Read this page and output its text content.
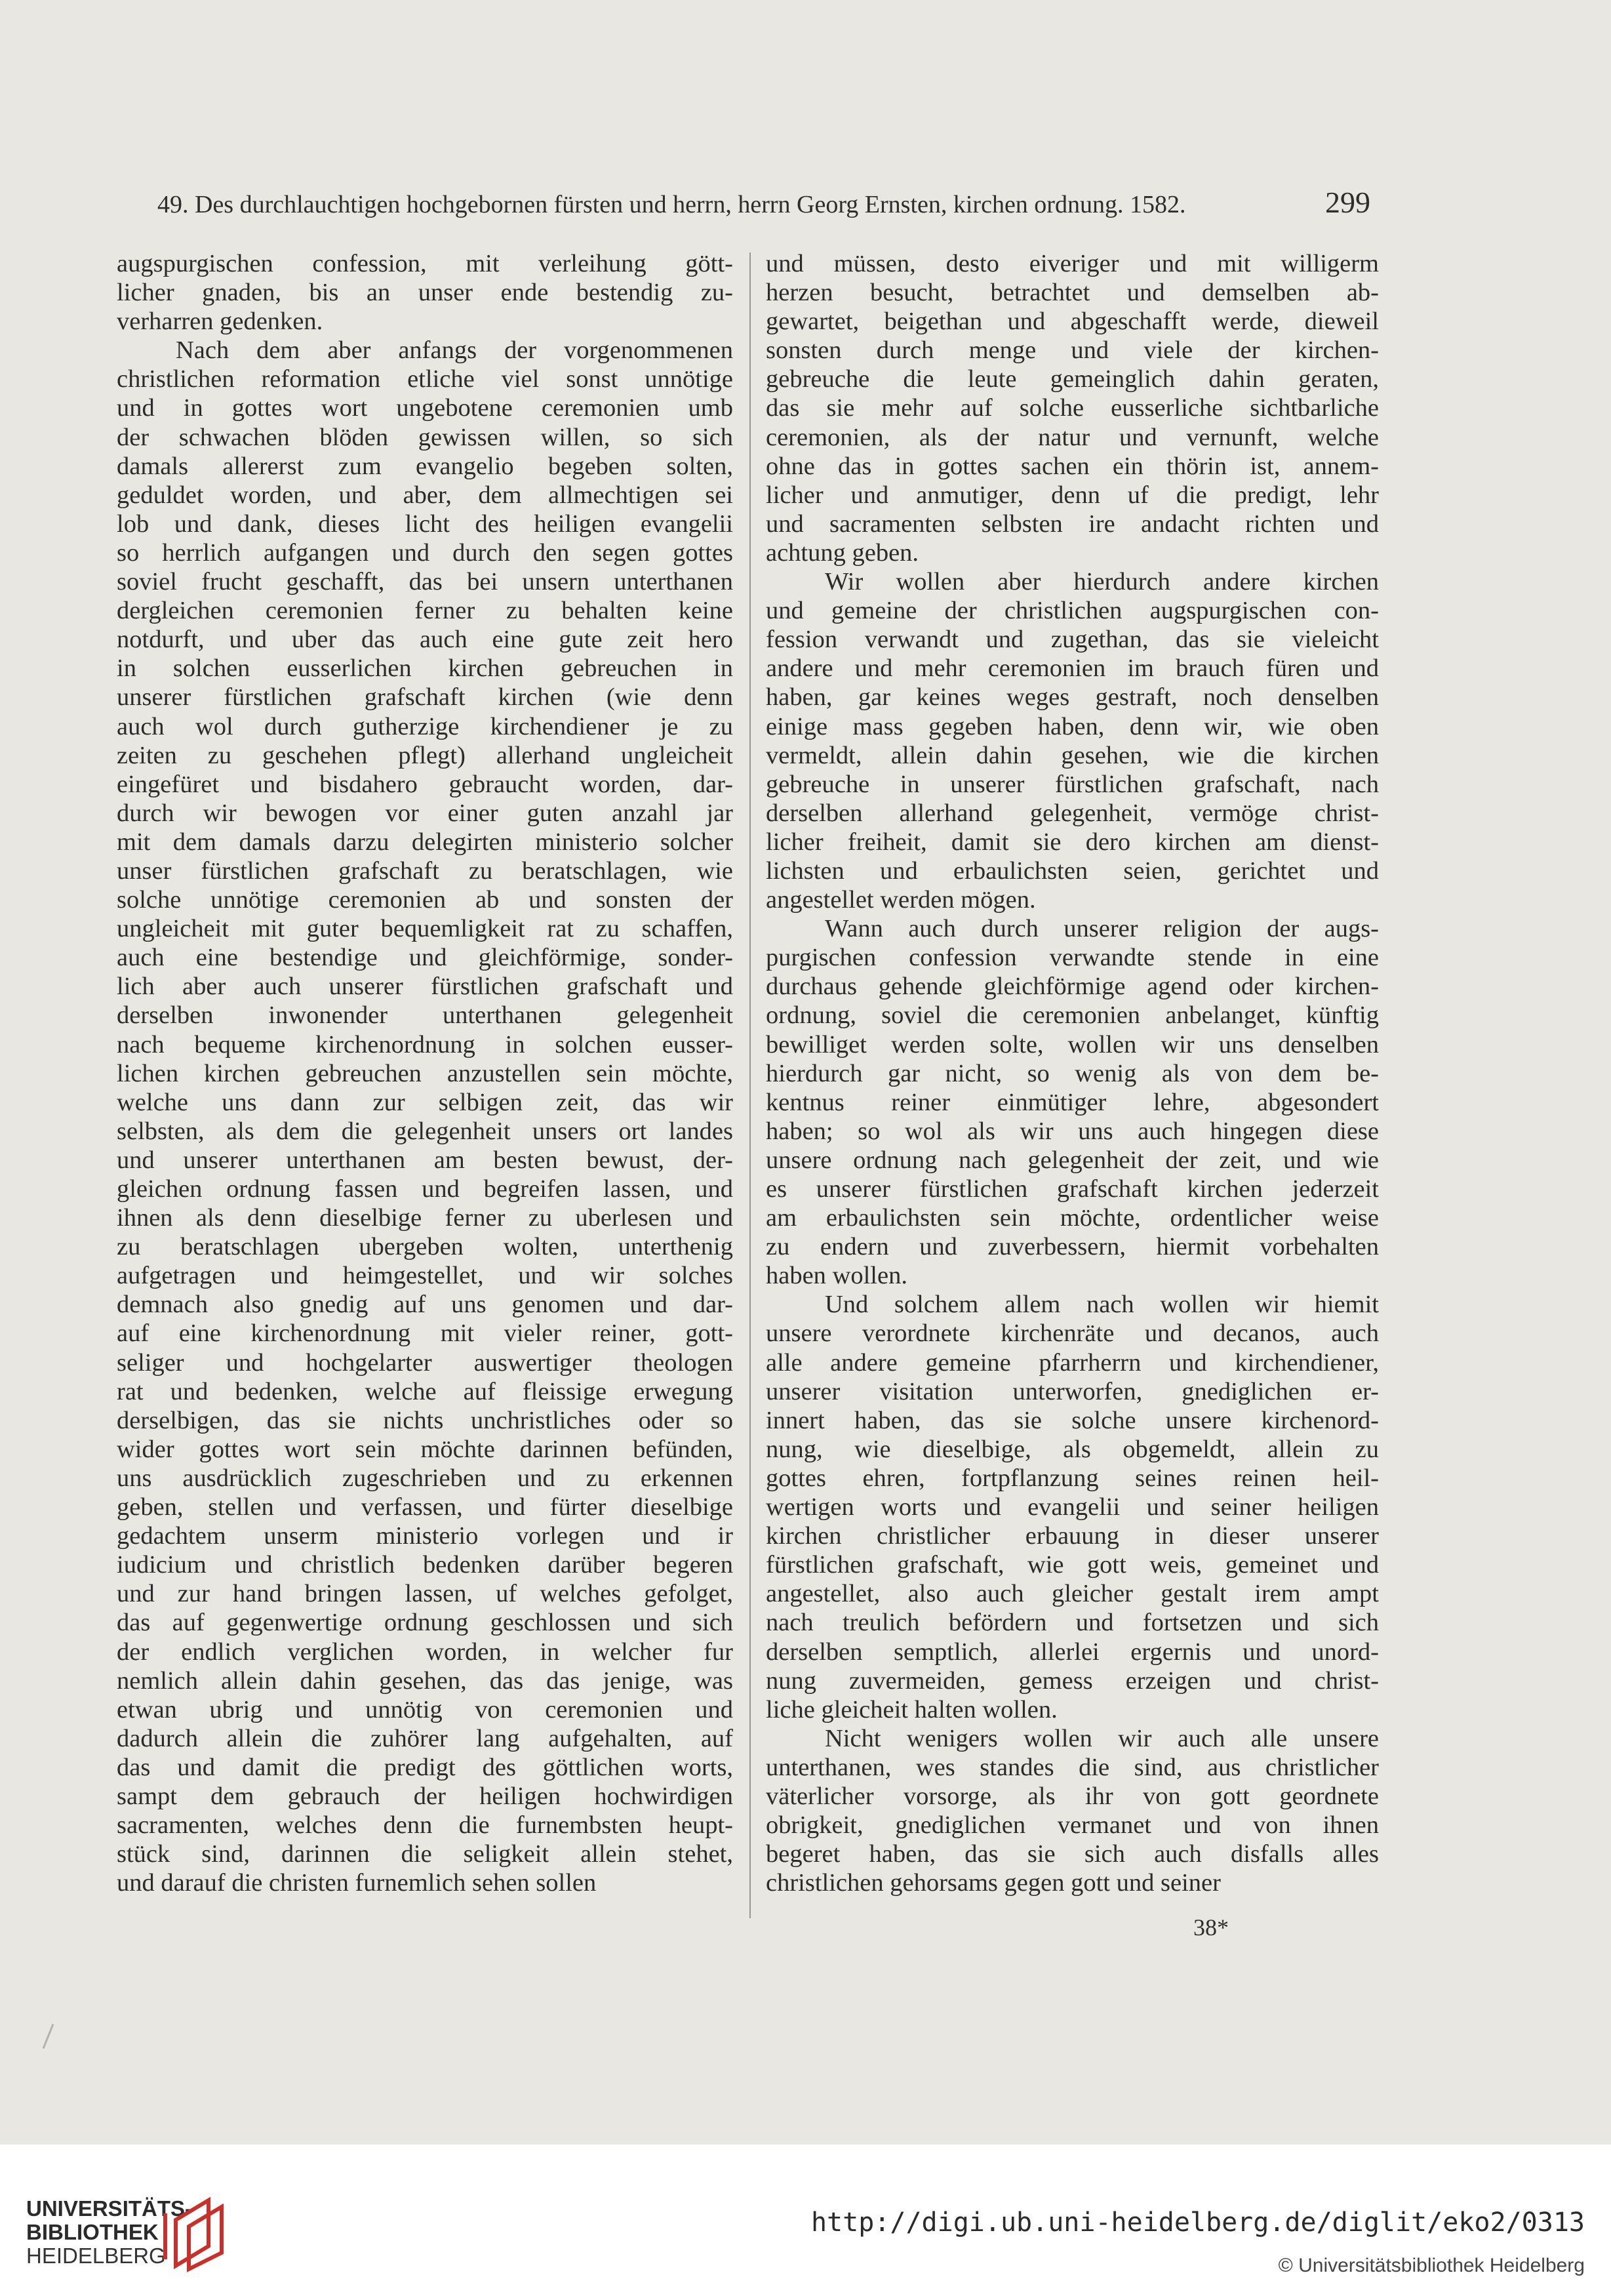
49. Des durchlauchtigen hochgebornen fürsten und herrn, herrn Georg Ernsten, kirchen ordnung. 1582.	299
augspurgischen confession, mit verleihung gött-
licher gnaden, bis an unser ende bestendig zu-
verharren gedenken.
Nach dem aber anfangs der vorgenommenen
christlichen reformation etliche viel sonst unnötige
und in gottes wort ungebotene ceremonien umb
der schwachen blöden gewissen willen, so sich
damals allererst zum evangelio begeben solten,
geduldet worden, und aber, dem allmechtigen sei
lob und dank, dieses licht des heiligen evangelii
so herrlich aufgangen und durch den segen gottes
soviel frucht geschafft, das bei unsern unterthanen
dergleichen ceremonien ferner zu behalten keine
notdurft, und uber das auch eine gute zeit hero
in solchen eusserlichen kirchen gebreuchen in
unserer fürstlichen grafschaft kirchen (wie denn
auch wol durch gutherzige kirchendiener je zu
zeiten zu geschehen pflegt) allerhand ungleicheit
eingefüret und bisdahero gebraucht worden, dar-
durch wir bewogen vor einer guten anzahl jar
mit dem damals darzu delegirten ministerio solcher
unser fürstlichen grafschaft zu beratschlagen, wie
solche unnötige ceremonien ab und sonsten der
ungleicheit mit guter bequemligkeit rat zu schaffen,
auch eine bestendige und gleichförmige, sonder-
lich aber auch unserer fürstlichen grafschaft und
derselben inwonender unterthanen gelegenheit
nach bequeme kirchenordnung in solchen eusser-
lichen kirchen gebreuchen anzustellen sein möchte,
welche uns dann zur selbigen zeit, das wir
selbsten, als dem die gelegenheit unsers ort landes
und unserer unterthanen am besten bewust, der-
gleichen ordnung fassen und begreifen lassen, und
ihnen als denn dieselbige ferner zu uberlesen und
zu beratschlagen ubergeben wolten, unterthenig
aufgetragen und heimgestellet, und wir solches
demnach also gnedig auf uns genomen und dar-
auf eine kirchenordnung mit vieler reiner, gott-
seliger und hochgelarter auswertiger theologen
rat und bedenken, welche auf fleissige erwegung
derselbigen, das sie nichts unchristliches oder so
wider gottes wort sein möchte darinnen befünden,
uns ausdrücklich zugeschrieben und zu erkennen
geben, stellen und verfassen, und fürter dieselbige
gedachtem unserm ministerio vorlegen und ir
iudicium und christlich bedenken darüber begeren
und zur hand bringen lassen, uf welches gefolget,
das auf gegenwertige ordnung geschlossen und sich
der endlich verglichen worden, in welcher fur
nemlich allein dahin gesehen, das das jenige, was
etwan ubrig und unnötig von ceremonien und
dadurch allein die zuhörer lang aufgehalten, auf
das und damit die predigt des göttlichen worts,
sampt dem gebrauch der heiligen hochwirdigen
sacramenten, welches denn die furnembsten heupt-
stück sind, darinnen die seligkeit allein stehet,
und darauf die christen furnemlich sehen sollen
und müssen, desto eiveriger und mit willigerm
herzen besucht, betrachtet und demselben ab-
gewartet, beigethan und abgeschafft werde, dieweil
sonsten durch menge und viele der kirchen-
gebreuche die leute gemeinglich dahin geraten,
das sie mehr auf solche eusserliche sichtbarliche
ceremonien, als der natur und vernunft, welche
ohne das in gottes sachen ein thörin ist, annem-
licher und anmutiger, denn uf die predigt, lehr
und sacramenten selbsten ire andacht richten und
achtung geben.
Wir wollen aber hierdurch andere kirchen
und gemeine der christlichen augspurgischen con-
fession verwandt und zugethan, das sie vieleicht
andere und mehr ceremonien im brauch füren und
haben, gar keines weges gestraft, noch denselben
einige mass gegeben haben, denn wir, wie oben
vermeldt, allein dahin gesehen, wie die kirchen
gebreuche in unserer fürstlichen grafschaft, nach
derselben allerhand gelegenheit, vermöge christ-
licher freiheit, damit sie dero kirchen am dienst-
lichsten und erbaulichsten seien, gerichtet und
angestellet werden mögen.
Wann auch durch unserer religion der augs-
purgischen confession verwandte stende in eine
durchaus gehende gleichförmige agend oder kirchen-
ordnung, soviel die ceremonien anbelanget, künftig
bewilliget werden solte, wollen wir uns denselben
hierdurch gar nicht, so wenig als von dem be-
kentnus reiner einmütiger lehre, abgesondert
haben; so wol als wir uns auch hingegen diese
unsere ordnung nach gelegenheit der zeit, und wie
es unserer fürstlichen grafschaft kirchen jederzeit
am erbaulichsten sein möchte, ordentlicher weise
zu endern und zuverbessern, hiermit vorbehalten
haben wollen.
Und solchem allem nach wollen wir hiemit
unsere verordnete kirchenräte und decanos, auch
alle andere gemeine pfarrherrn und kirchendiener,
unserer visitation unterworfen, gnediglichen er-
innert haben, das sie solche unsere kirchenord-
nung, wie dieselbige, als obgemeldt, allein zu
gottes ehren, fortpflanzung seines reinen heil-
wertigen worts und evangelii und seiner heiligen
kirchen christlicher erbauung in dieser unserer
fürstlichen grafschaft, wie gott weis, gemeinet und
angestellet, also auch gleicher gestalt irem ampt
nach treulich befördern und fortsetzen und sich
derselben semptlich, allerlei ergernis und unord-
nung zuvermeiden, gemess erzeigen und christ-
liche gleicheit halten wollen.
Nicht wenigers wollen wir auch alle unsere
unterthanen, wes standes die sind, aus christlicher
väterlicher vorsorge, als ihr von gott geordnete
obrigkeit, gnediglichen vermanet und von ihnen
begeret haben, das sie sich auch disfalls alles
christlichen gehorsams gegen gott und seiner
38*
UNIVERSITÄTS-
BIBLIOTHEK
HEIDELBERG
http://digi.ub.uni-heidelberg.de/diglit/eko2/0313
© Universitätsbibliothek Heidelberg
